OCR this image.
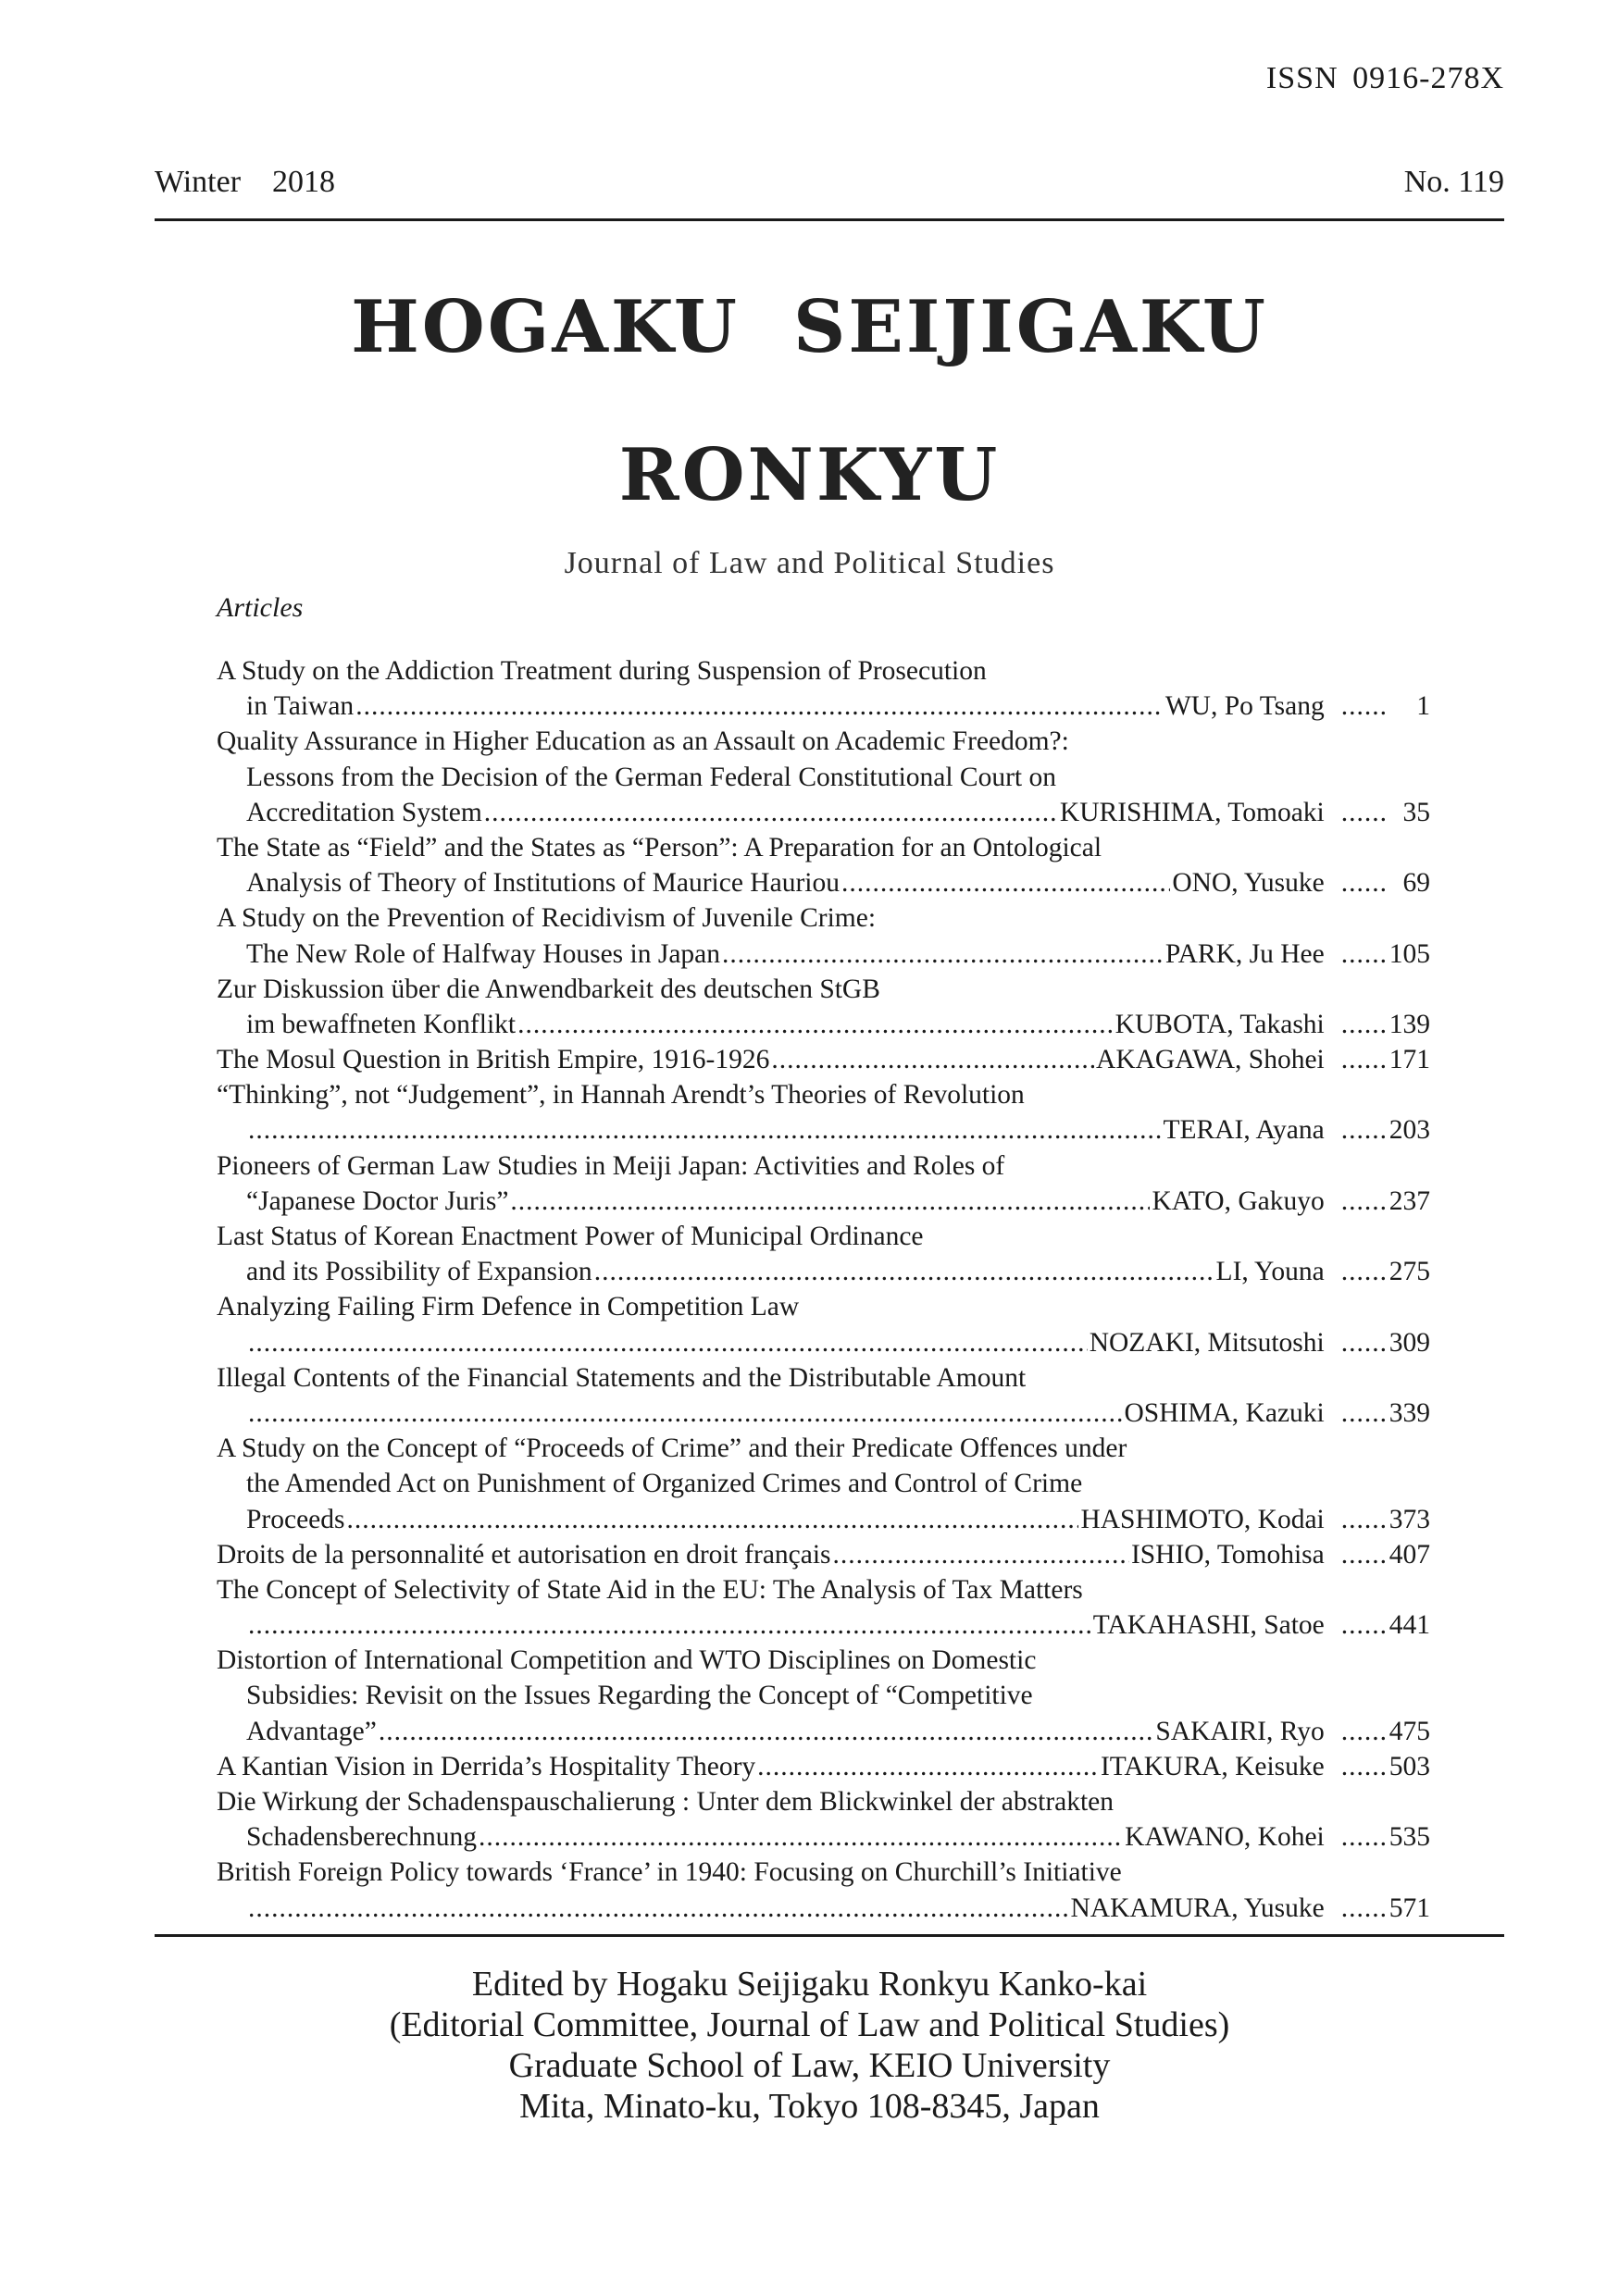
ISSN 0916-278X
Winter 2018	No. 119
HOGAKU SEIJIGAKU
RONKYU
Journal of Law and Political Studies
Articles
A Study on the Addiction Treatment during Suspension of Prosecution
in Taiwan .....	WU, Po Tsang ......	1
Quality Assurance in Higher Education as an Assault on Academic Freedom?:
Lessons from the Decision of the German Federal Constitutional Court on
Accreditation System .....	KURISHIMA, Tomoaki ......	35
The State as “Field” and the States as “Person”: A Preparation for an Ontological
Analysis of Theory of Institutions of Maurice Hauriou .....	ONO, Yusuke ......	69
A Study on the Prevention of Recidivism of Juvenile Crime:
The New Role of Halfway Houses in Japan .....	PARK, Ju Hee ...... 105
Zur Diskussion über die Anwendbarkeit des deutschen StGB
im bewaffneten Konflikt .....	KUBOTA, Takashi ...... 139
The Mosul Question in British Empire, 1916-1926 .....	AKAGAWA, Shohei ...... 171
“Thinking”, not “Judgement”, in Hannah Arendt’s Theories of Revolution
.....
TERAI, Ayana ...... 203
Pioneers of German Law Studies in Meiji Japan: Activities and Roles of
“Japanese Doctor Juris” .....	KATO, Gakuyo ...... 237
Last Status of Korean Enactment Power of Municipal Ordinance
and its Possibility of Expansion .....	LI, Youna ...... 275
Analyzing Failing Firm Defence in Competition Law
.....
NOZAKI, Mitsutoshi ...... 309
Illegal Contents of the Financial Statements and the Distributable Amount
.....
OSHIMA, Kazuki ...... 339
A Study on the Concept of “Proceeds of Crime” and their Predicate Offences under
the Amended Act on Punishment of Organized Crimes and Control of Crime
Proceeds .....	HASHIMOTO, Kodai ...... 373
Droits de la personnalité et autorisation en droit français .....	ISHIO, Tomohisa ...... 407
The Concept of Selectivity of State Aid in the EU: The Analysis of Tax Matters
.....
TAKAHASHI, Satoe ...... 441
Distortion of International Competition and WTO Disciplines on Domestic
Subsidies: Revisit on the Issues Regarding the Concept of “Competitive
Advantage” .....	SAKAIRI, Ryo ...... 475
A Kantian Vision in Derrida’s Hospitality Theory .....	ITAKURA, Keisuke ...... 503
Die Wirkung der Schadenspauschalierung : Unter dem Blickwinkel der abstrakten
Schadensberechnung .....	KAWANO, Kohei ...... 535
British Foreign Policy towards ‘France’ in 1940: Focusing on Churchill’s Initiative
.....
NAKAMURA, Yusuke ...... 571
Edited by Hogaku Seijigaku Ronkyu Kanko-kai
(Editorial Committee, Journal of Law and Political Studies)
Graduate School of Law, KEIO University
Mita, Minato-ku, Tokyo 108-8345, Japan
